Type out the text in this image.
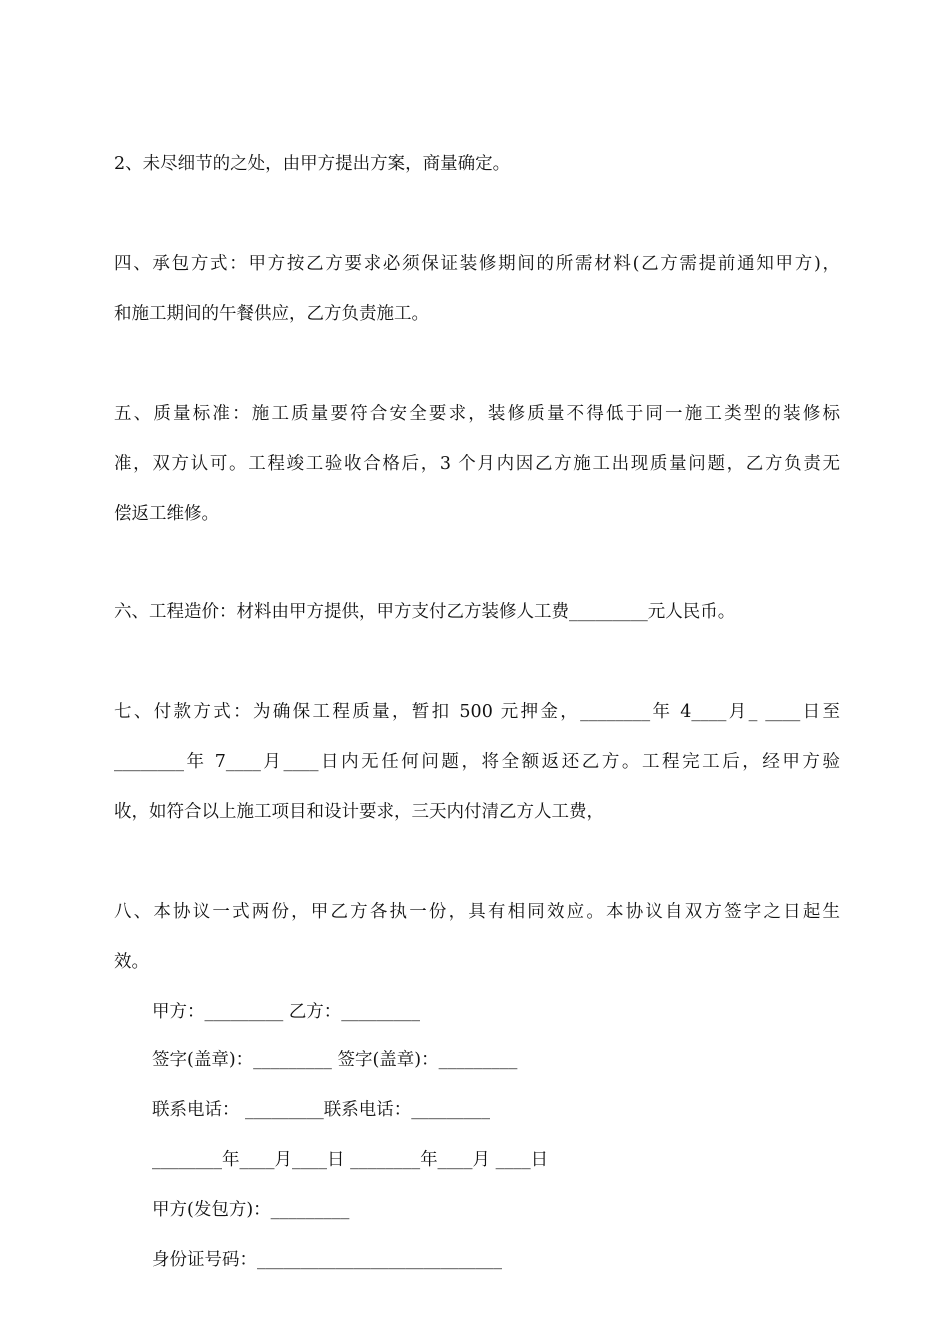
2、未尽细节的之处，由甲方提出方案，商量确定。
四、承包方式：甲方按乙方要求必须保证装修期间的所需材料(乙方需提前通知甲方)，
和施工期间的午餐供应，乙方负责施工。
五、质量标准：施工质量要符合安全要求，装修质量不得低于同一施工类型的装修标
准，双方认可。工程竣工验收合格后，3 个月内因乙方施工出现质量问题，乙方负责无
偿返工维修。
六、工程造价：材料由甲方提供，甲方支付乙方装修人工费_________元人民币。
七、付款方式：为确保工程质量，暂扣 500 元押金，________年 4____月_ ____日至
________年 7____月____日内无任何问题，将全额返还乙方。工程完工后，经甲方验
收，如符合以上施工项目和设计要求，三天内付清乙方人工费，
八、本协议一式两份，甲乙方各执一份，具有相同效应。本协议自双方签字之日起生
效。
甲方：_________ 乙方：_________
签字(盖章)：_________ 签字(盖章)：_________
联系电话： _________联系电话：_________
________年____月____日 ________年____月 ____日
甲方(发包方)：_________
身份证号码：____________________________
